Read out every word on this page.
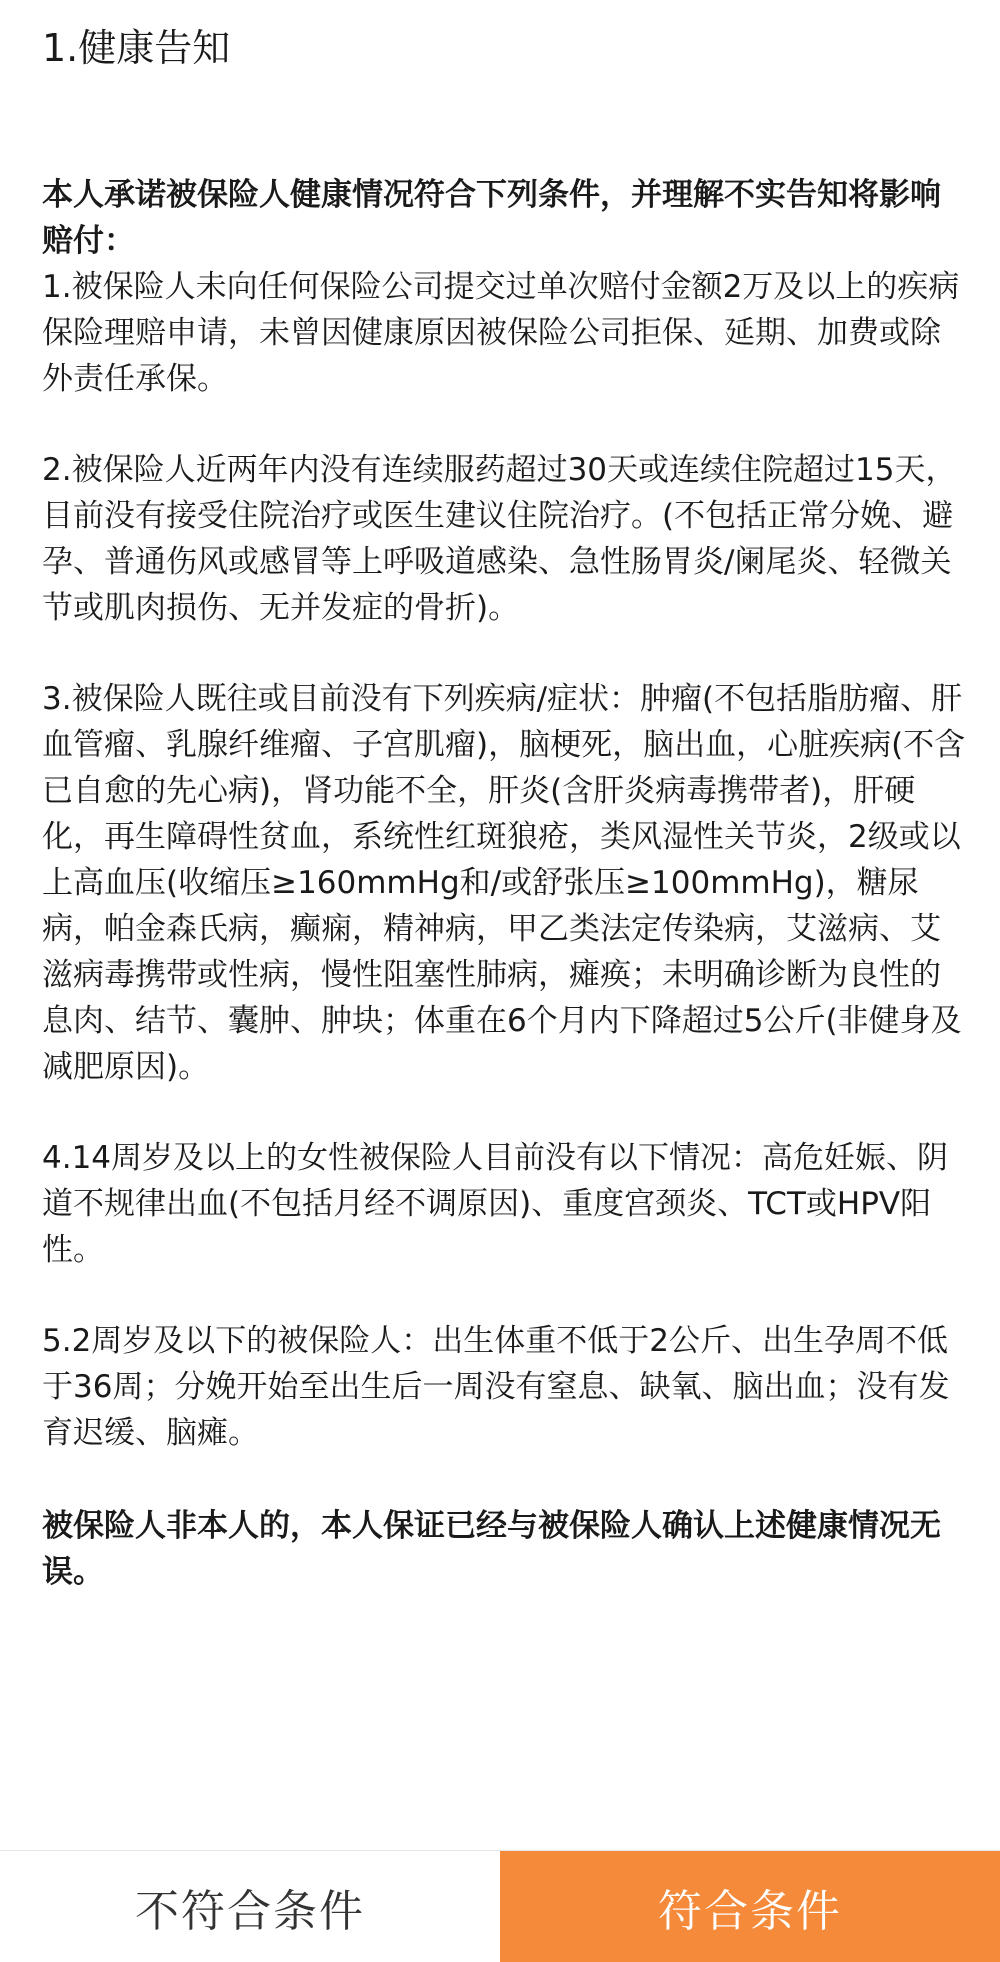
1.健康告知

本人承诺被保险人健康情况符合下列条件，并理解不实告知将影响赔付：

1.被保险人未向任何保险公司提交过单次赔付金额2万及以上的疾病保险理赔申请，未曾因健康原因被保险公司拒保、延期、加费或除外责任承保。

2.被保险人近两年内没有连续服药超过30天或连续住院超过15天，目前没有接受住院治疗或医生建议住院治疗。(不包括正常分娩、避孕、普通伤风或感冒等上呼吸道感染、急性肠胃炎/阑尾炎、轻微关节或肌肉损伤、无并发症的骨折)。

3.被保险人既往或目前没有下列疾病/症状：肿瘤(不包括脂肪瘤、肝血管瘤、乳腺纤维瘤、子宫肌瘤)，脑梗死，脑出血，心脏疾病(不含已自愈的先心病)，肾功能不全，肝炎(含肝炎病毒携带者)，肝硬化，再生障碍性贫血，系统性红斑狼疮，类风湿性关节炎，2级或以上高血压(收缩压≥160mmHg和/或舒张压≥100mmHg)，糖尿病，帕金森氏病，癫痫，精神病，甲乙类法定传染病，艾滋病、艾滋病毒携带或性病，慢性阻塞性肺病，瘫痪；未明确诊断为良性的息肉、结节、囊肿、肿块；体重在6个月内下降超过5公斤(非健身及减肥原因)。

4.14周岁及以上的女性被保险人目前没有以下情况：高危妊娠、阴道不规律出血(不包括月经不调原因)、重度宫颈炎、TCT或HPV阳性。

5.2周岁及以下的被保险人：出生体重不低于2公斤、出生孕周不低于36周；分娩开始至出生后一周没有窒息、缺氧、脑出血；没有发育迟缓、脑瘫。

被保险人非本人的，本人保证已经与被保险人确认上述健康情况无误。

不符合条件	符合条件
